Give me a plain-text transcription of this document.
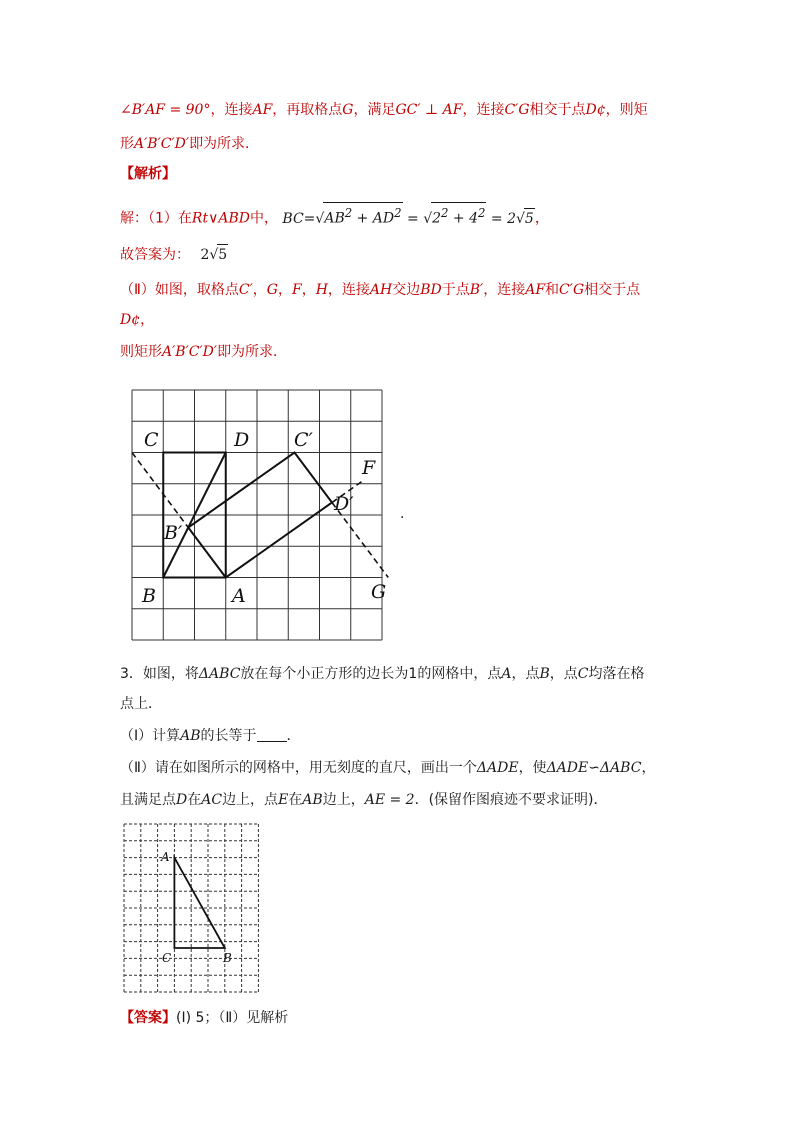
∠B′AF = 90°，连接AF，再取格点G，满足GC′ ⊥ AF，连接C′G相交于点D¢，则矩
形A′B′C′D′即为所求．
【解析】
解：（1）在Rt∨ABD中， $BC=√AB^2 + AD^2 = √2^2 + 4^2 = 2√5$，
故答案为： 2√5
（Ⅱ）如图，取格点C′，G，F，H，连接AH交边BD于点B′，连接AF和C′G相交于点
D¢，
则矩形A′B′C′D′即为所求．
C	D C′
F
D′
B′
B	A	G
.
3．如图，将ΔABC放在每个小正方形的边长为1的网格中，点A，点B，点C均落在格
点上．
（Ⅰ）计算AB的长等于 ．
（Ⅱ）请在如图所示的网格中，用无刻度的直尺，画出一个ΔADE，使ΔADE∽ΔABC，
且满足点D在AC边上，点E在AB边上，AE = 2．(保留作图痕迹不要求证明)．
A
C	B
【答案】(Ⅰ) 5；（Ⅱ）见解析
